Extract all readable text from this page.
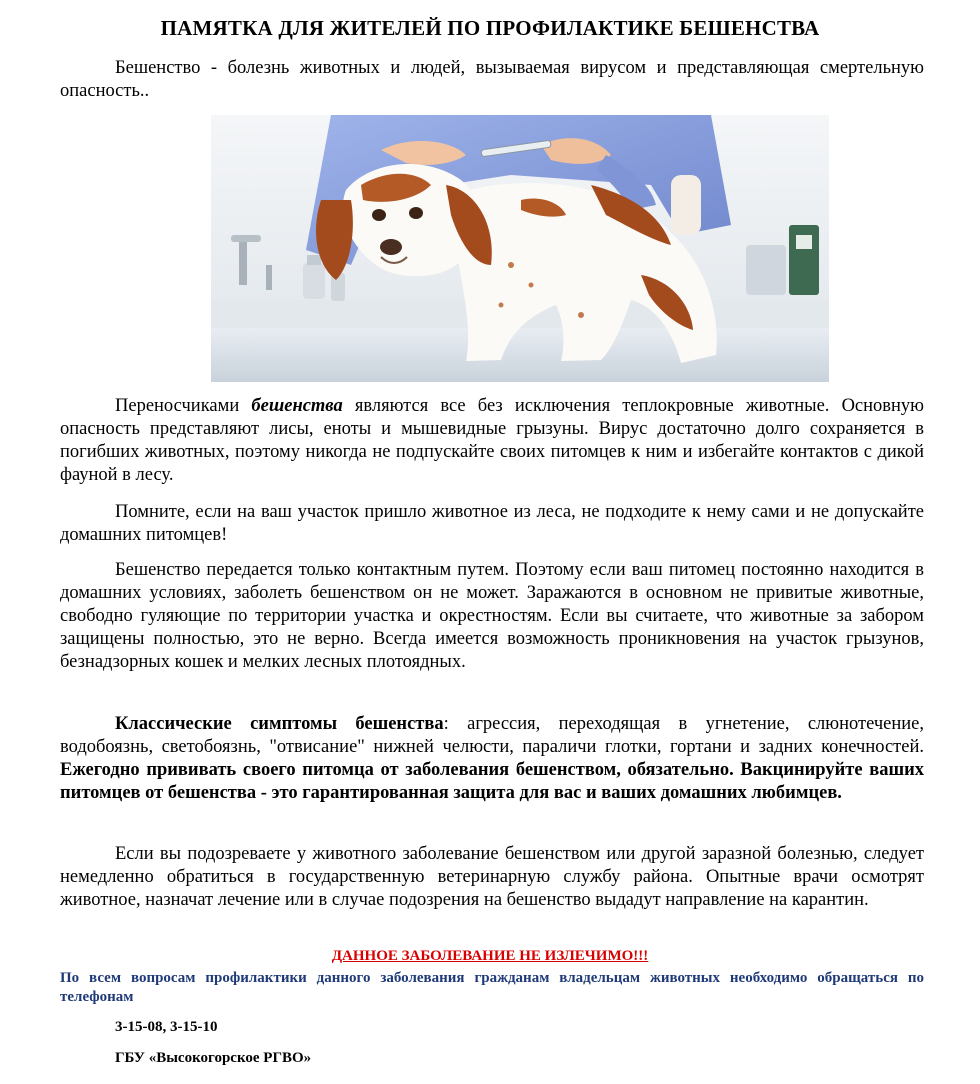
ПАМЯТКА ДЛЯ ЖИТЕЛЕЙ ПО ПРОФИЛАКТИКЕ БЕШЕНСТВА

Бешенство - болезнь животных и людей, вызываемая вирусом и представляющая смертельную опасность..

Переносчиками бешенства являются все без исключения теплокровные животные. Основную опасность представляют лисы, еноты и мышевидные грызуны. Вирус достаточно долго сохраняется в погибших животных, поэтому никогда не подпускайте своих питомцев к ним и избегайте контактов с дикой фауной в лесу.

Помните, если на ваш участок пришло животное из леса, не подходите к нему сами и не допускайте домашних питомцев!

Бешенство передается только контактным путем. Поэтому если ваш питомец постоянно находится в домашних условиях, заболеть бешенством он не может. Заражаются в основном не привитые животные, свободно гуляющие по территории участка и окрестностям. Если вы считаете, что животные за забором защищены полностью, это не верно. Всегда имеется возможность проникновения на участок грызунов, безнадзорных кошек и мелких лесных плотоядных.

Классические симптомы бешенства: агрессия, переходящая в угнетение, слюнотечение, водобоязнь, светобоязнь, "отвисание" нижней челюсти, параличи глотки, гортани и задних конечностей. Ежегодно прививать своего питомца от заболевания бешенством, обязательно. Вакцинируйте ваших питомцев от бешенства - это гарантированная защита для вас и ваших домашних любимцев.

Если вы подозреваете у животного заболевание бешенством или другой заразной болезнью, следует немедленно обратиться в государственную ветеринарную службу района. Опытные врачи осмотрят животное, назначат лечение или в случае подозрения на бешенство выдадут направление на карантин.

ДАННОЕ ЗАБОЛЕВАНИЕ НЕ ИЗЛЕЧИМО!!!

По всем вопросам профилактики данного заболевания гражданам владельцам животных необходимо обращаться по телефонам

3-15-08, 3-15-10
ГБУ «Высокогорское РГВО»
